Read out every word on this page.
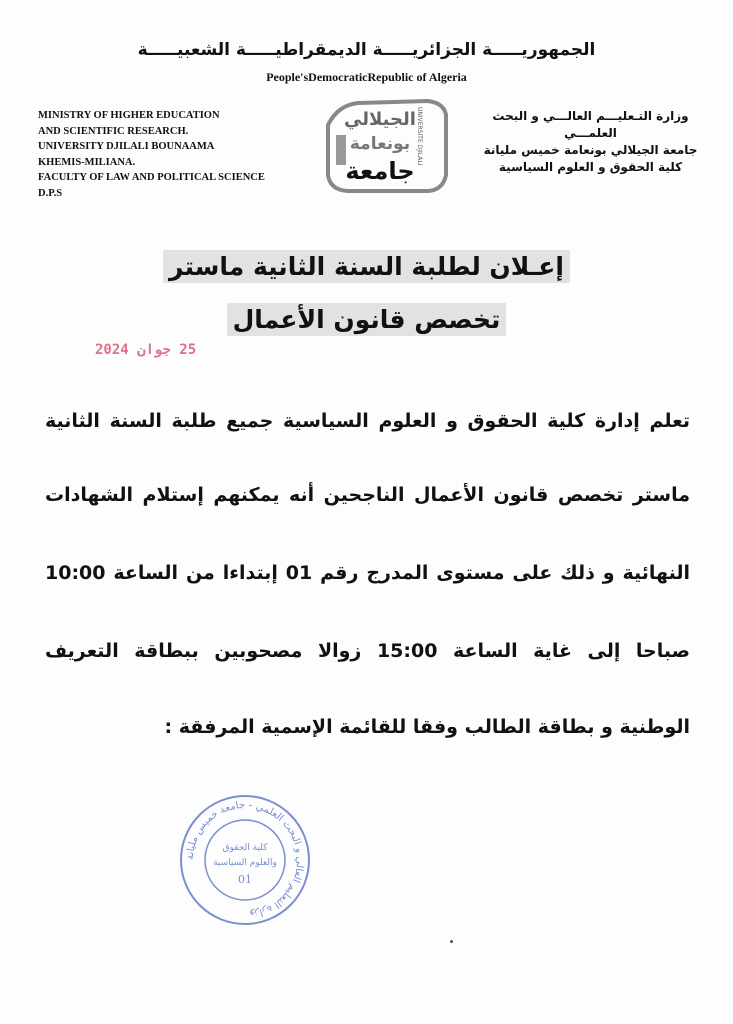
الجمهوريـــــة الجزائريـــــة الديمقراطيـــــة الشعبيـــــة
People'sDemocraticRepublic of Algeria
MINISTRY OF HIGHER EDUCATION
AND SCIENTIFIC RESEARCH.
UNIVERSITY DJILALI BOUNAAMA
KHEMIS-MILIANA.
FACULTY OF LAW AND POLITICAL SCIENCE
D.P.S
الجيلالي
بونعامة
جامعة
UNIVERSITE DJILALI	وزارة التـعليـــم العالـــي و البحث
العلمـــي
جامعة الجيلالي بونعامة خميس مليانة
كلية الحقوق و العلوم السياسية
إعـلان لطلبة السنة الثانية ماستر
تخصص قانون الأعمال
25 جوان 2024
تعلم إدارة كلية الحقوق و العلوم السياسية جميع طلبة السنة الثانية
ماستر تخصص قانون الأعمال الناجحين أنه يمكنهم إستلام الشهادات
النهائية و ذلك على مستوى المدرج رقم 01 إبتداءا من الساعة 10:00
صباحا إلى غاية الساعة 15:00 زوالا مصحوبين ببطاقة التعريف
الوطنية و بطاقة الطالب وفقا للقائمة الإسمية المرفقة :
وزارة التعليم العالي و البحث العلمي - جامعة خميس مليانة
كلية الحقوق
والعلوم السياسية
01
